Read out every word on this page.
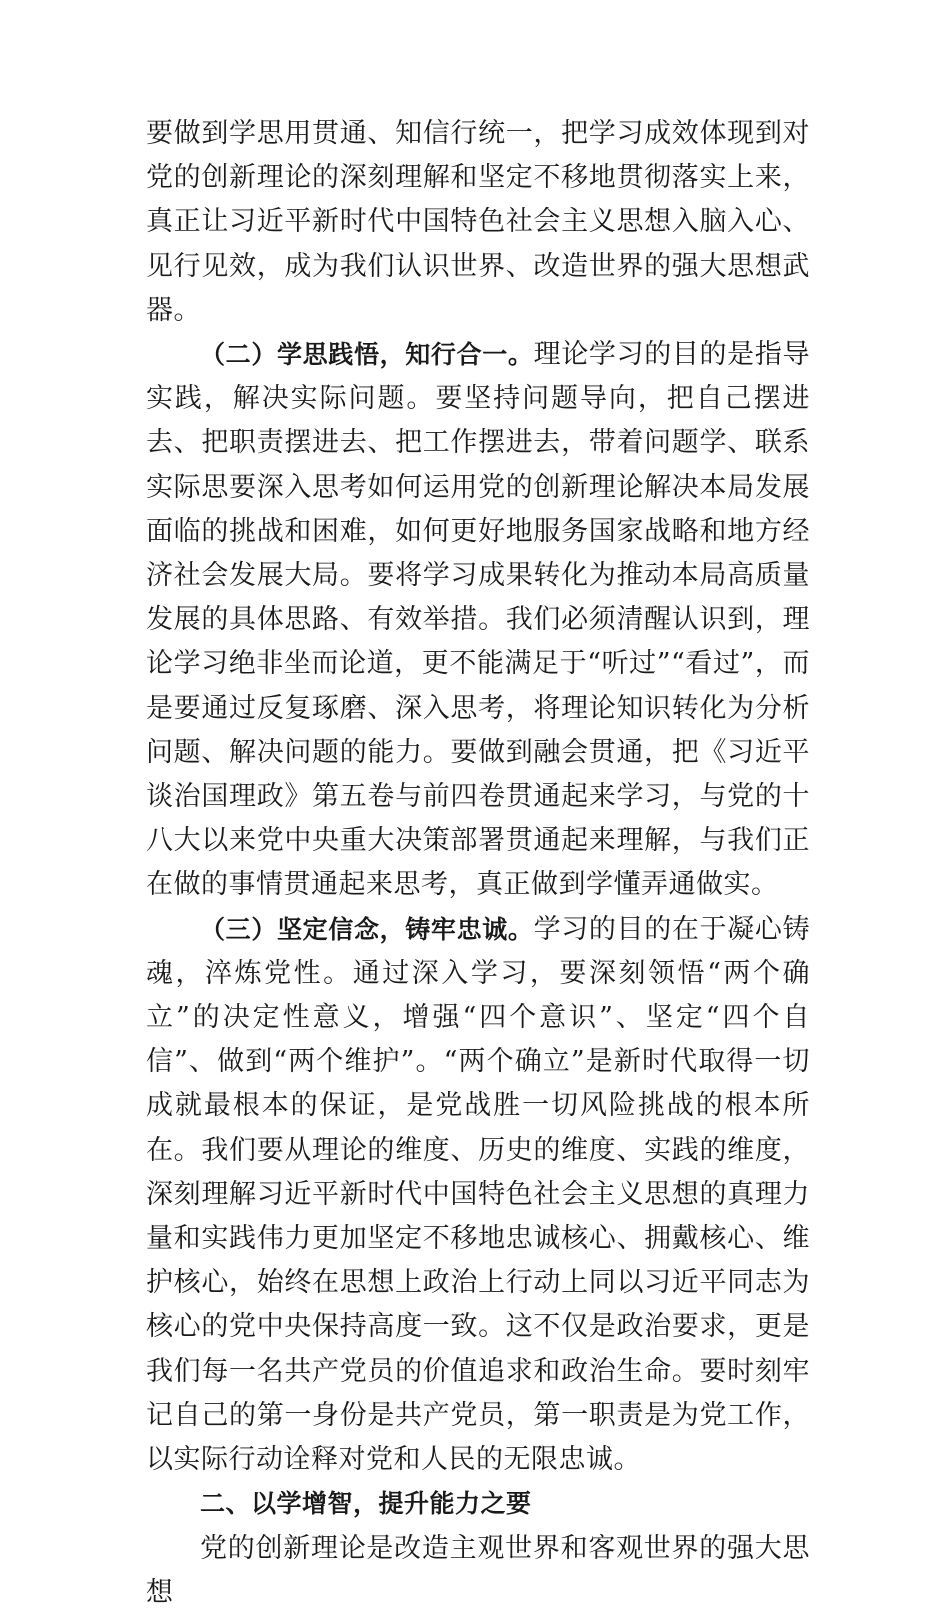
要做到学思用贯通、知信行统一，把学习成效体现到对党的创新理论的深刻理解和坚定不移地贯彻落实上来，真正让习近平新时代中国特色社会主义思想入脑入心、见行见效，成为我们认识世界、改造世界的强大思想武器。

（二）学思践悟，知行合一。理论学习的目的是指导实践，解决实际问题。要坚持问题导向，把自己摆进去、把职责摆进去、把工作摆进去，带着问题学、联系实际思要深入思考如何运用党的创新理论解决本局发展面临的挑战和困难，如何更好地服务国家战略和地方经济社会发展大局。要将学习成果转化为推动本局高质量发展的具体思路、有效举措。我们必须清醒认识到，理论学习绝非坐而论道，更不能满足于“听过”“看过”，而是要通过反复琢磨、深入思考，将理论知识转化为分析问题、解决问题的能力。要做到融会贯通，把《习近平谈治国理政》第五卷与前四卷贯通起来学习，与党的十八大以来党中央重大决策部署贯通起来理解，与我们正在做的事情贯通起来思考，真正做到学懂弄通做实。

（三）坚定信念，铸牢忠诚。学习的目的在于凝心铸魂，淬炼党性。通过深入学习，要深刻领悟“两个确立”的决定性意义，增强“四个意识”、坚定“四个自信”、做到“两个维护”。“两个确立”是新时代取得一切成就最根本的保证，是党战胜一切风险挑战的根本所在。我们要从理论的维度、历史的维度、实践的维度，深刻理解习近平新时代中国特色社会主义思想的真理力量和实践伟力更加坚定不移地忠诚核心、拥戴核心、维护核心，始终在思想上政治上行动上同以习近平同志为核心的党中央保持高度一致。这不仅是政治要求，更是我们每一名共产党员的价值追求和政治生命。要时刻牢记自己的第一身份是共产党员，第一职责是为党工作，以实际行动诠释对党和人民的无限忠诚。

二、以学增智，提升能力之要

党的创新理论是改造主观世界和客观世界的强大思想
